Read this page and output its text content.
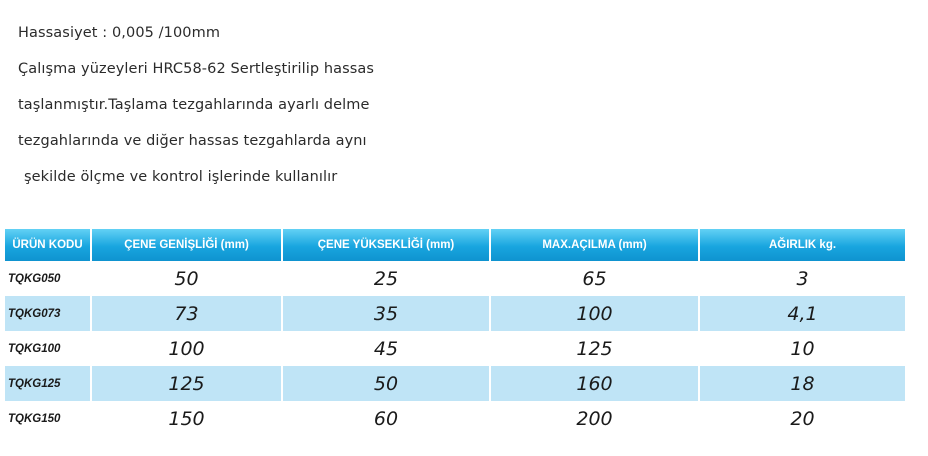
Hassasiyet : 0,005 /100mm
Çalışma yüzeyleri HRC58-62 Sertleştirilip hassas
taşlanmıştır.Taşlama tezgahlarında ayarlı delme
tezgahlarında ve diğer hassas tezgahlarda aynı
şekilde ölçme ve kontrol işlerinde kullanılır
ÜRÜN KODU	ÇENE GENİŞLİĞİ (mm)	ÇENE YÜKSEKLİĞİ (mm)	MAX.AÇILMA (mm)	AĞIRLIK kg.
TQKG050	50	25	65	3
TQKG073	73	35	100	4,1
TQKG100	100	45	125	10
TQKG125	125	50	160	18
TQKG150	150	60	200	20
